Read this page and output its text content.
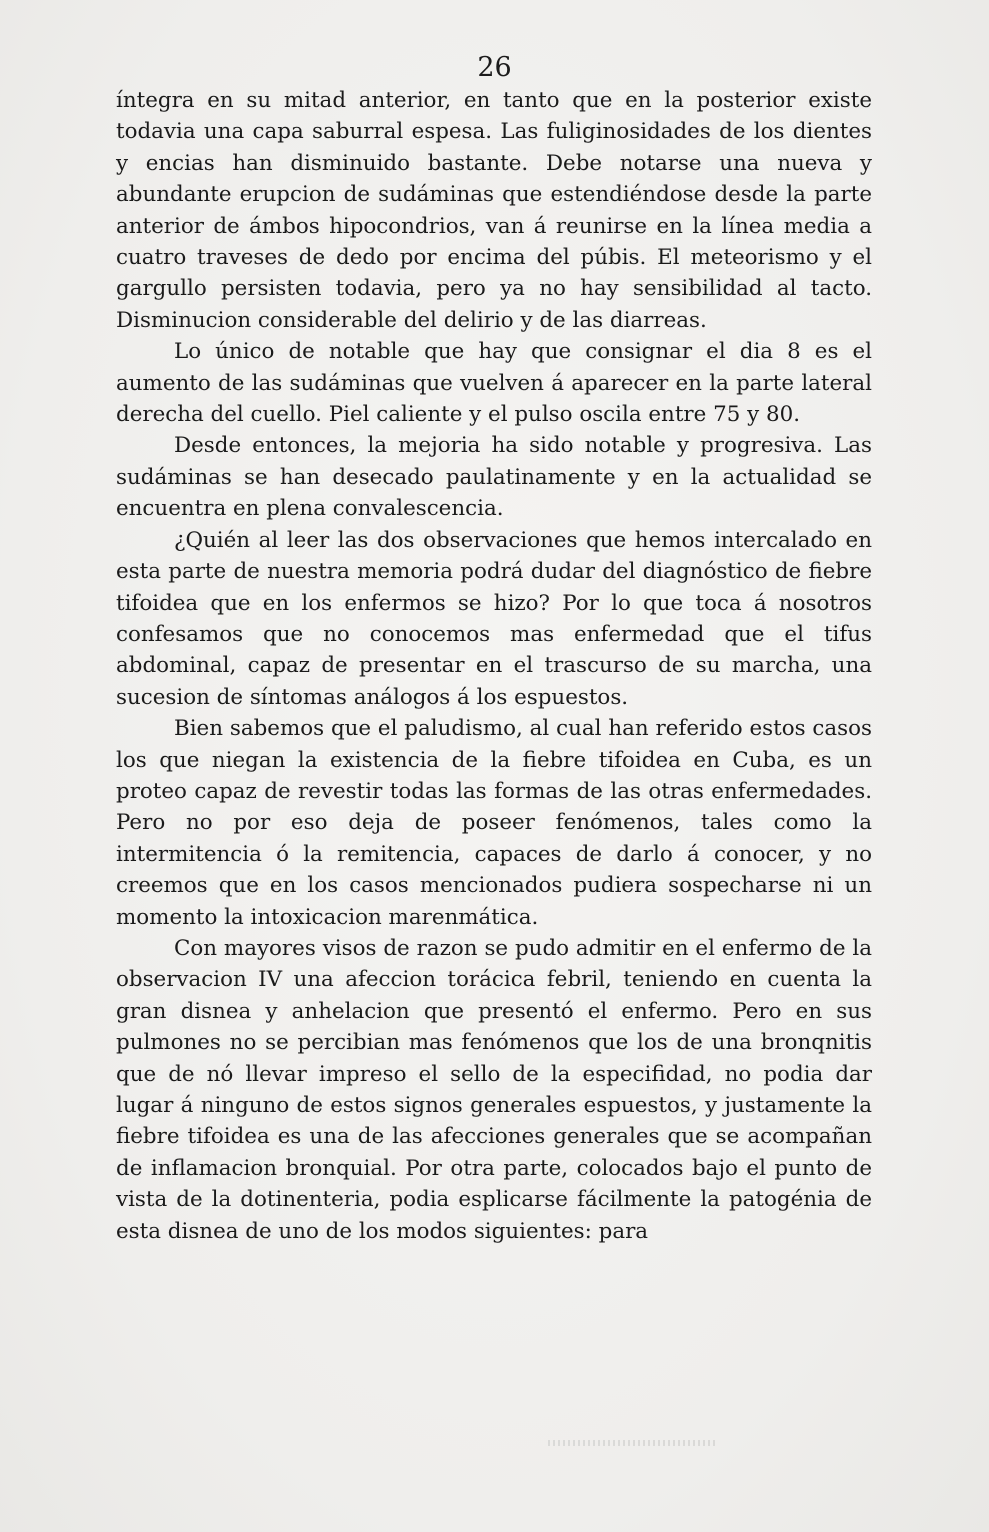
26

íntegra en su mitad anterior, en tanto que en la posterior existe todavia una capa saburral espesa. Las fuliginosidades de los dientes y encias han disminuido bastante. Debe notarse una nueva y abundante erupcion de sudáminas que estendiéndose desde la parte anterior de ámbos hipocondrios, van á reunirse en la línea media a cuatro traveses de dedo por encima del púbis. El meteorismo y el gargullo persisten todavia, pero ya no hay sensibilidad al tacto. Disminucion considerable del delirio y de las diarreas.

Lo único de notable que hay que consignar el dia 8 es el aumento de las sudáminas que vuelven á aparecer en la parte lateral derecha del cuello. Piel caliente y el pulso oscila entre 75 y 80.

Desde entonces, la mejoria ha sido notable y progresiva. Las sudáminas se han desecado paulatinamente y en la actualidad se encuentra en plena convalescencia.

¿Quién al leer las dos observaciones que hemos intercalado en esta parte de nuestra memoria podrá dudar del diagnóstico de fiebre tifoidea que en los enfermos se hizo? Por lo que toca á nosotros confesamos que no conocemos mas enfermedad que el tifus abdominal, capaz de presentar en el trascurso de su marcha, una sucesion de síntomas análogos á los espuestos.

Bien sabemos que el paludismo, al cual han referido estos casos los que niegan la existencia de la fiebre tifoidea en Cuba, es un proteo capaz de revestir todas las formas de las otras enfermedades. Pero no por eso deja de poseer fenómenos, tales como la intermitencia ó la remitencia, capaces de darlo á conocer, y no creemos que en los casos mencionados pudiera sospecharse ni un momento la intoxicacion marenmática.

Con mayores visos de razon se pudo admitir en el enfermo de la observacion IV una afeccion torácica febril, teniendo en cuenta la gran disnea y anhelacion que presentó el enfermo. Pero en sus pulmones no se percibian mas fenómenos que los de una bronqnitis que de nó llevar impreso el sello de la especifidad, no podia dar lugar á ninguno de estos signos generales espuestos, y justamente la fiebre tifoidea es una de las afecciones generales que se acompañan de inflamacion bronquial. Por otra parte, colocados bajo el punto de vista de la dotinenteria, podia esplicarse fácilmente la patogénia de esta disnea de uno de los modos siguientes: para
